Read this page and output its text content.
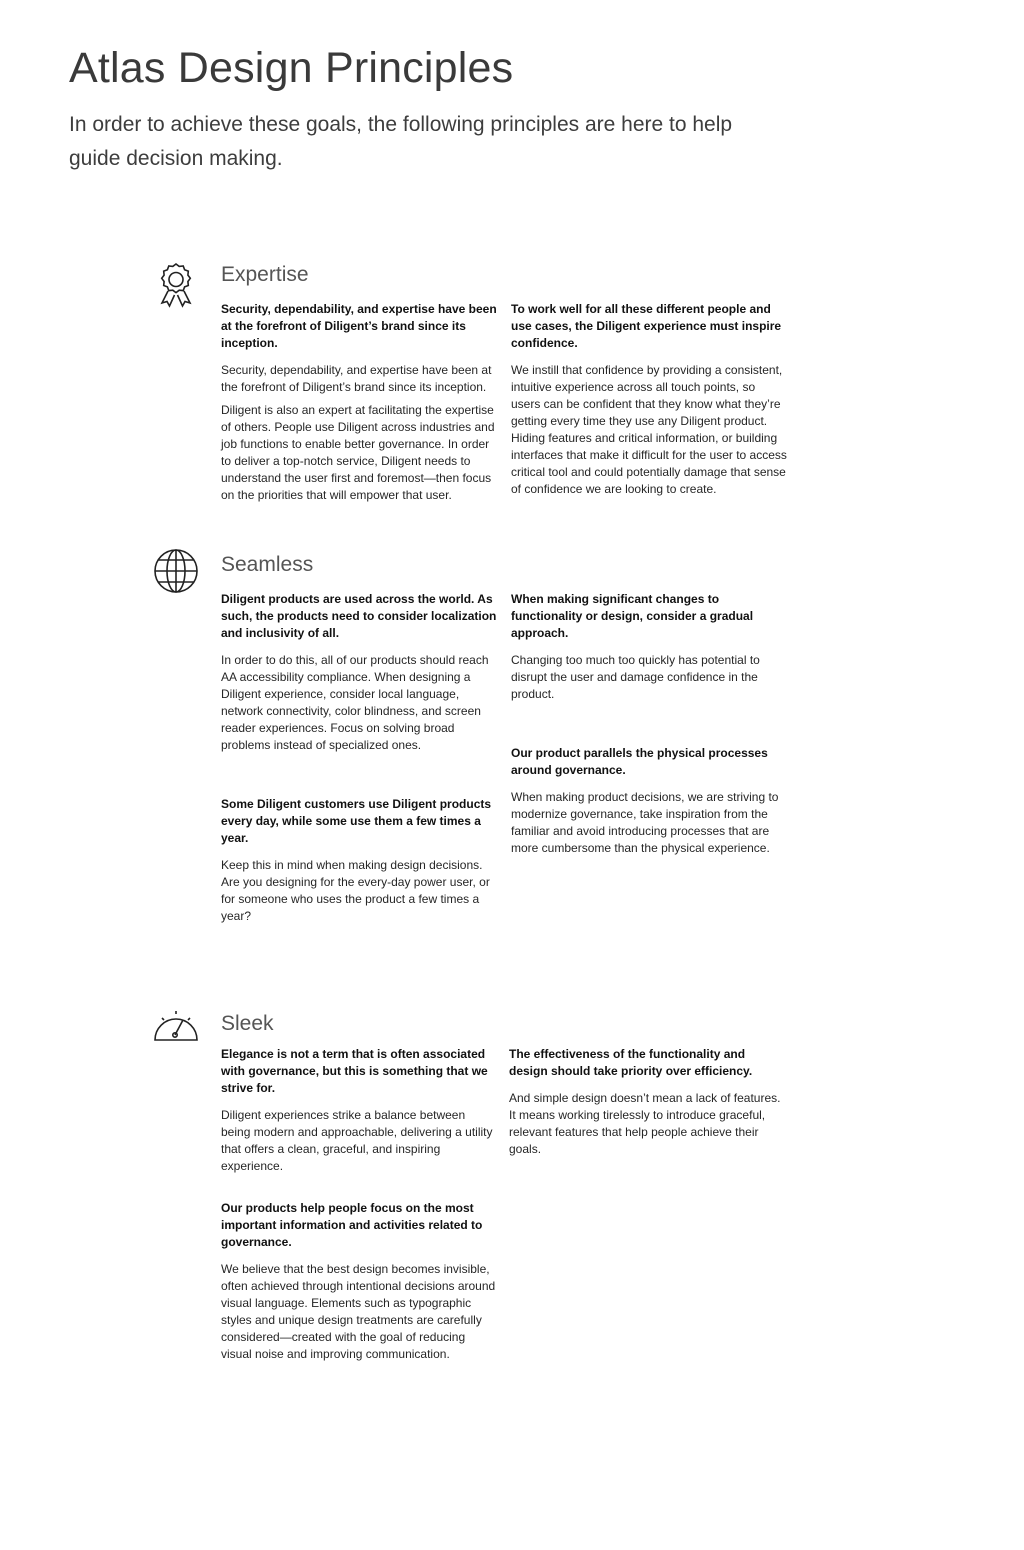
Atlas Design Principles

In order to achieve these goals, the following principles are here to help guide decision making.

Expertise

Security, dependability, and expertise have been at the forefront of Diligent’s brand since its inception.

Security, dependability, and expertise have been at the forefront of Diligent’s brand since its inception.

Diligent is also an expert at facilitating the expertise of others. People use Diligent across industries and job functions to enable better governance. In order to deliver a top-notch service, Diligent needs to understand the user first and foremost—then focus on the priorities that will empower that user.

To work well for all these different people and use cases, the Diligent experience must inspire confidence.

We instill that confidence by providing a consistent, intuitive experience across all touch points, so users can be confident that they know what they’re getting every time they use any Diligent product. Hiding features and critical information, or building interfaces that make it difficult for the user to access critical tool and could potentially damage that sense of confidence we are looking to create.

Seamless

Diligent products are used across the world. As such, the products need to consider localization and inclusivity of all.

In order to do this, all of our products should reach AA accessibility compliance. When designing a Diligent experience, consider local language, network connectivity, color blindness, and screen reader experiences. Focus on solving broad problems instead of specialized ones.

Some Diligent customers use Diligent products every day, while some use them a few times a year.

Keep this in mind when making design decisions. Are you designing for the every-day power user, or for someone who uses the product a few times a year?

When making significant changes to functionality or design, consider a gradual approach.

Changing too much too quickly has potential to disrupt the user and damage confidence in the product.

Our product parallels the physical processes around governance.

When making product decisions, we are striving to modernize governance, take inspiration from the familiar and avoid introducing processes that are more cumbersome than the physical experience.

Sleek

Elegance is not a term that is often associated with governance, but this is something that we strive for.

Diligent experiences strike a balance between being modern and approachable, delivering a utility that offers a clean, graceful, and inspiring experience.

Our products help people focus on the most important information and activities related to governance.

We believe that the best design becomes invisible, often achieved through intentional decisions around visual language. Elements such as typographic styles and unique design treatments are carefully considered—created with the goal of reducing visual noise and improving communication.

The effectiveness of the functionality and design should take priority over efficiency.

And simple design doesn’t mean a lack of features. It means working tirelessly to introduce graceful, relevant features that help people achieve their goals.
